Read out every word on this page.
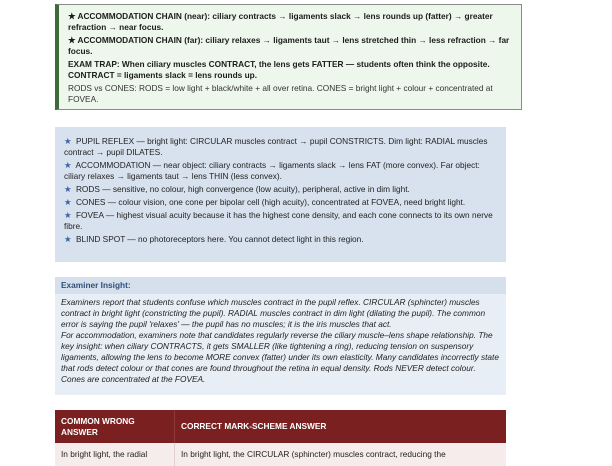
★ ACCOMMODATION CHAIN (near): ciliary contracts → ligaments slack → lens rounds up (fatter) → greater refraction → near focus.

★ ACCOMMODATION CHAIN (far): ciliary relaxes → ligaments taut → lens stretched thin → less refraction → far focus.

EXAM TRAP: When ciliary muscles CONTRACT, the lens gets FATTER — students often think the opposite. CONTRACT = ligaments slack = lens rounds up.

RODS vs CONES: RODS = low light + black/white + all over retina. CONES = bright light + colour + concentrated at FOVEA.

★ PUPIL REFLEX — bright light: CIRCULAR muscles contract → pupil CONSTRICTS. Dim light: RADIAL muscles contract → pupil DILATES.

★ ACCOMMODATION — near object: ciliary contracts → ligaments slack → lens FAT (more convex). Far object: ciliary relaxes → ligaments taut → lens THIN (less convex).

★ RODS — sensitive, no colour, high convergence (low acuity), peripheral, active in dim light.

★ CONES — colour vision, one cone per bipolar cell (high acuity), concentrated at FOVEA, need bright light.

★ FOVEA — highest visual acuity because it has the highest cone density, and each cone connects to its own nerve fibre.

★ BLIND SPOT — no photoreceptors here. You cannot detect light in this region.

Examiner Insight:

Examiners report that students confuse which muscles contract in the pupil reflex. CIRCULAR (sphincter) muscles contract in bright light (constricting the pupil). RADIAL muscles contract in dim light (dilating the pupil). The common error is saying the pupil 'relaxes' — the pupil has no muscles; it is the iris muscles that act.

For accommodation, examiners note that candidates regularly reverse the ciliary muscle–lens shape relationship. The key insight: when ciliary CONTRACTS, it gets SMALLER (like tightening a ring), reducing tension on suspensory ligaments, allowing the lens to become MORE convex (fatter) under its own elasticity. Many candidates incorrectly state that rods detect colour or that cones are found throughout the retina in equal density. Rods NEVER detect colour. Cones are concentrated at the FOVEA.

COMMON WRONG ANSWER	CORRECT MARK-SCHEME ANSWER
In bright light, the radial	In bright light, the CIRCULAR (sphincter) muscles contract, reducing the
